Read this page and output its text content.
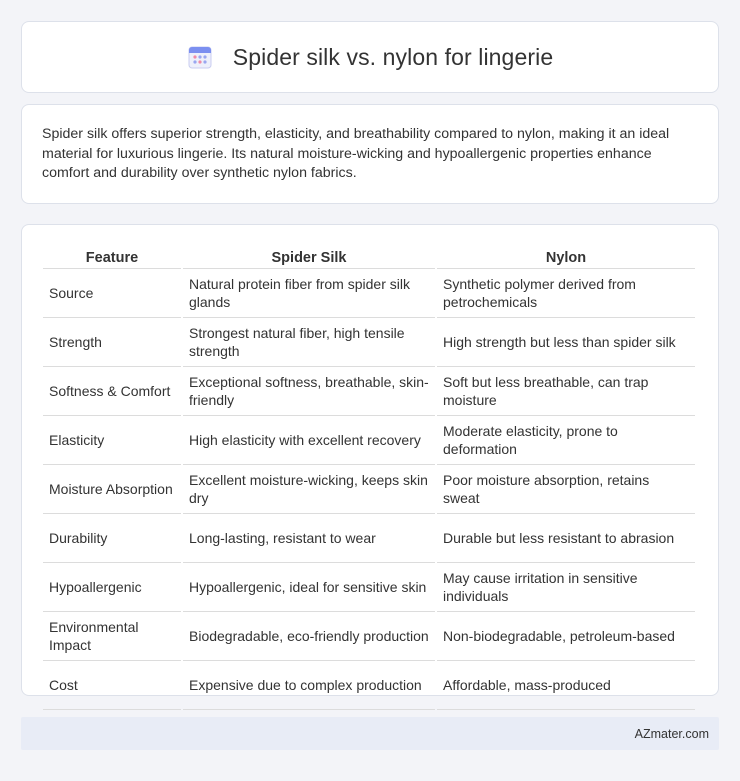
Spider silk vs. nylon for lingerie

Spider silk offers superior strength, elasticity, and breathability compared to nylon, making it an ideal material for luxurious lingerie. Its natural moisture-wicking and hypoallergenic properties enhance comfort and durability over synthetic nylon fabrics.

Feature	Spider Silk	Nylon
Source	Natural protein fiber from spider silk glands	Synthetic polymer derived from petrochemicals
Strength	Strongest natural fiber, high tensile strength	High strength but less than spider silk
Softness & Comfort	Exceptional softness, breathable, skin-friendly	Soft but less breathable, can trap moisture
Elasticity	High elasticity with excellent recovery	Moderate elasticity, prone to deformation
Moisture Absorption	Excellent moisture-wicking, keeps skin dry	Poor moisture absorption, retains sweat
Durability	Long-lasting, resistant to wear	Durable but less resistant to abrasion
Hypoallergenic	Hypoallergenic, ideal for sensitive skin	May cause irritation in sensitive individuals
Environmental Impact	Biodegradable, eco-friendly production	Non-biodegradable, petroleum-based
Cost	Expensive due to complex production	Affordable, mass-produced
AZmater.com
